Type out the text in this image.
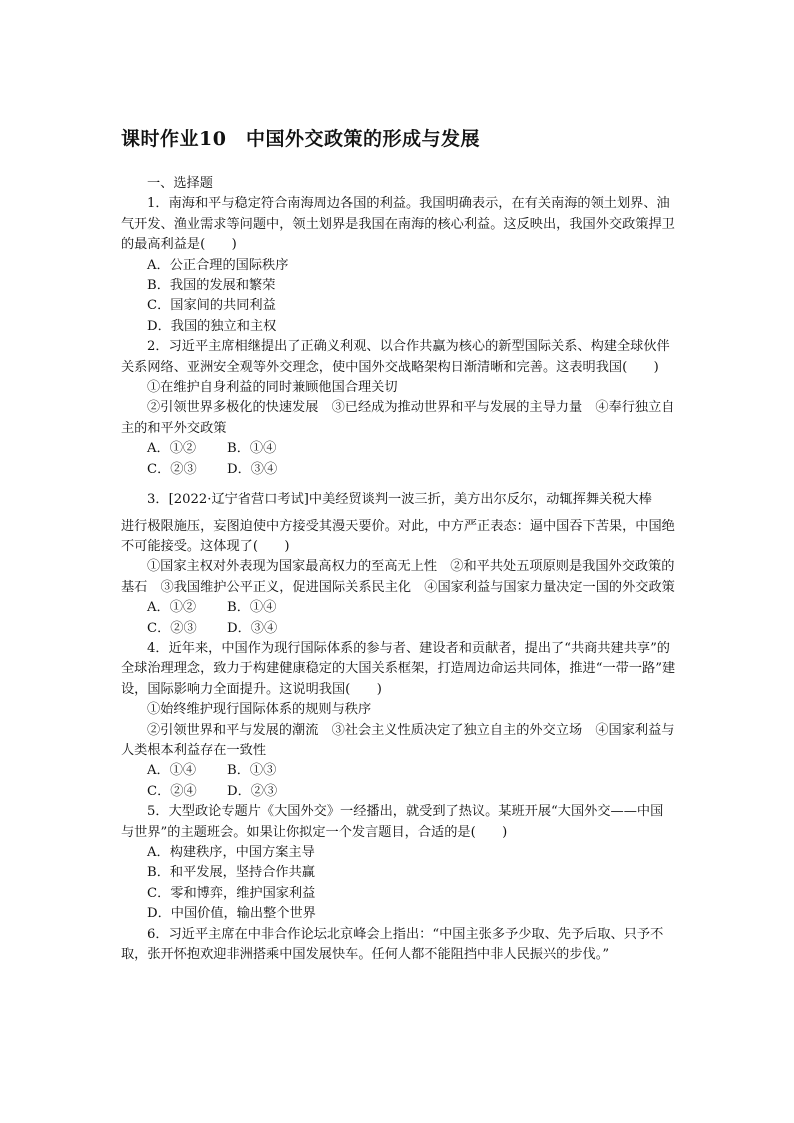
课时作业10　中国外交政策的形成与发展

一、选择题

1．南海和平与稳定符合南海周边各国的利益。我国明确表示，在有关南海的领土划界、油气开发、渔业需求等问题中，领土划界是我国在南海的核心利益。这反映出，我国外交政策捍卫的最高利益是(　　)

A．公正合理的国际秩序

B．我国的发展和繁荣

C．国家间的共同利益

D．我国的独立和主权

2．习近平主席相继提出了正确义利观、以合作共赢为核心的新型国际关系、构建全球伙伴关系网络、亚洲安全观等外交理念，使中国外交战略架构日渐清晰和完善。这表明我国(　　)

①在维护自身利益的同时兼顾他国合理关切

②引领世界多极化的快速发展　③已经成为推动世界和平与发展的主导力量　④奉行独立自主的和平外交政策

A．①② B．①④

C．②③ D．③④

3．[2022·辽宁省营口考试]中美经贸谈判一波三折，美方出尔反尔，动辄挥舞关税大棒

进行极限施压，妄图迫使中方接受其漫天要价。对此，中方严正表态：逼中国吞下苦果，中国绝不可能接受。这体现了(　　)

①国家主权对外表现为国家最高权力的至高无上性　②和平共处五项原则是我国外交政策的基石　③我国维护公平正义，促进国际关系民主化　④国家利益与国家力量决定一国的外交政策

A．①② B．①④

C．②③ D．③④

4．近年来，中国作为现行国际体系的参与者、建设者和贡献者，提出了“共商共建共享”的全球治理理念，致力于构建健康稳定的大国关系框架，打造周边命运共同体，推进“一带一路”建设，国际影响力全面提升。这说明我国(　　)

①始终维护现行国际体系的规则与秩序

②引领世界和平与发展的潮流　③社会主义性质决定了独立自主的外交立场　④国家利益与人类根本利益存在一致性

A．①④ B．①③

C．②④ D．②③

5．大型政论专题片《大国外交》一经播出，就受到了热议。某班开展“大国外交——中国与世界”的主题班会。如果让你拟定一个发言题目，合适的是(　　)

A．构建秩序，中国方案主导

B．和平发展，坚持合作共赢

C．零和博弈，维护国家利益

D．中国价值，输出整个世界

6．习近平主席在中非合作论坛北京峰会上指出：“中国主张多予少取、先予后取、只予不取，张开怀抱欢迎非洲搭乘中国发展快车。任何人都不能阻挡中非人民振兴的步伐。”
